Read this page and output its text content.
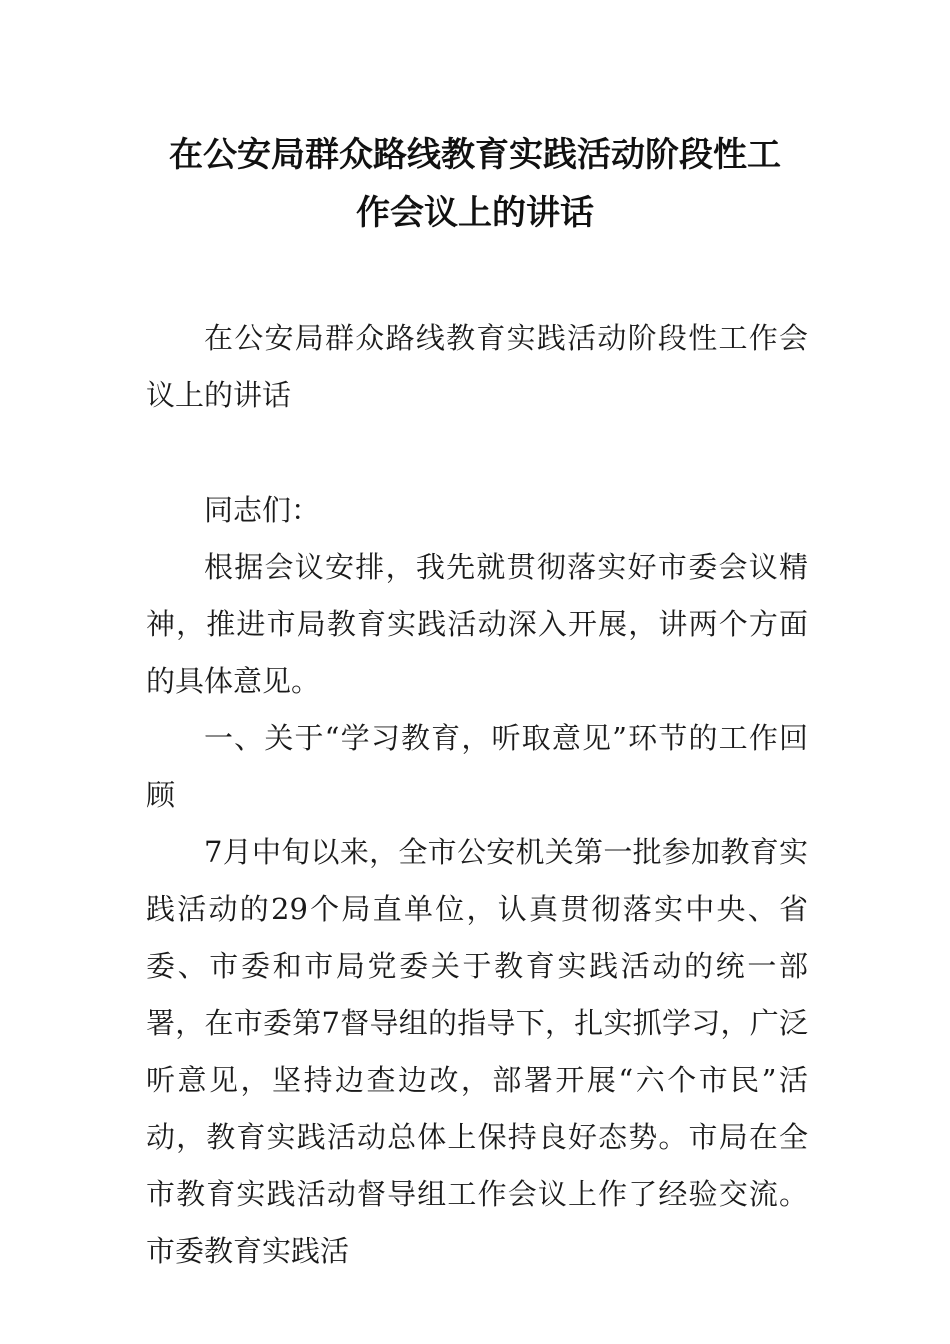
在公安局群众路线教育实践活动阶段性工
作会议上的讲话

在公安局群众路线教育实践活动阶段性工作会议上的讲话

同志们：

根据会议安排，我先就贯彻落实好市委会议精神，推进市局教育实践活动深入开展，讲两个方面的具体意见。

一、关于“学习教育，听取意见”环节的工作回顾

7月中旬以来，全市公安机关第一批参加教育实践活动的29个局直单位，认真贯彻落实中央、省委、市委和市局党委关于教育实践活动的统一部署，在市委第7督导组的指导下，扎实抓学习，广泛听意见，坚持边查边改，部署开展“六个市民”活动，教育实践活动总体上保持良好态势。市局在全市教育实践活动督导组工作会议上作了经验交流。市委教育实践活
